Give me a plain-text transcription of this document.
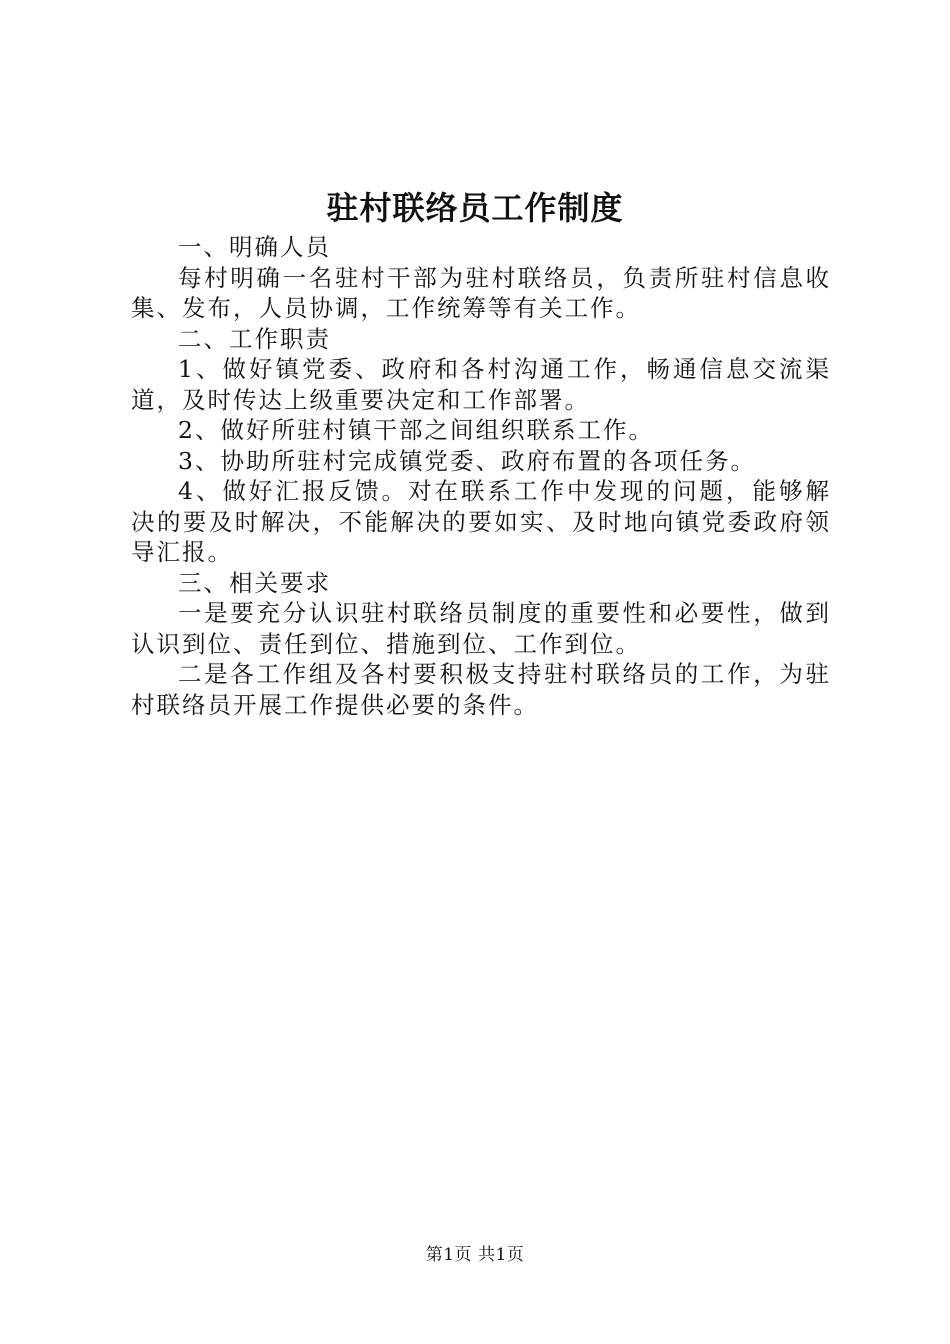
驻村联络员工作制度

一、明确人员

每村明确一名驻村干部为驻村联络员，负责所驻村信息收集、发布，人员协调，工作统筹等有关工作。

二、工作职责

1、做好镇党委、政府和各村沟通工作，畅通信息交流渠道，及时传达上级重要决定和工作部署。

2、做好所驻村镇干部之间组织联系工作。

3、协助所驻村完成镇党委、政府布置的各项任务。

4、做好汇报反馈。对在联系工作中发现的问题，能够解决的要及时解决，不能解决的要如实、及时地向镇党委政府领导汇报。

三、相关要求

一是要充分认识驻村联络员制度的重要性和必要性，做到认识到位、责任到位、措施到位、工作到位。

二是各工作组及各村要积极支持驻村联络员的工作，为驻村联络员开展工作提供必要的条件。

第1页 共1页
